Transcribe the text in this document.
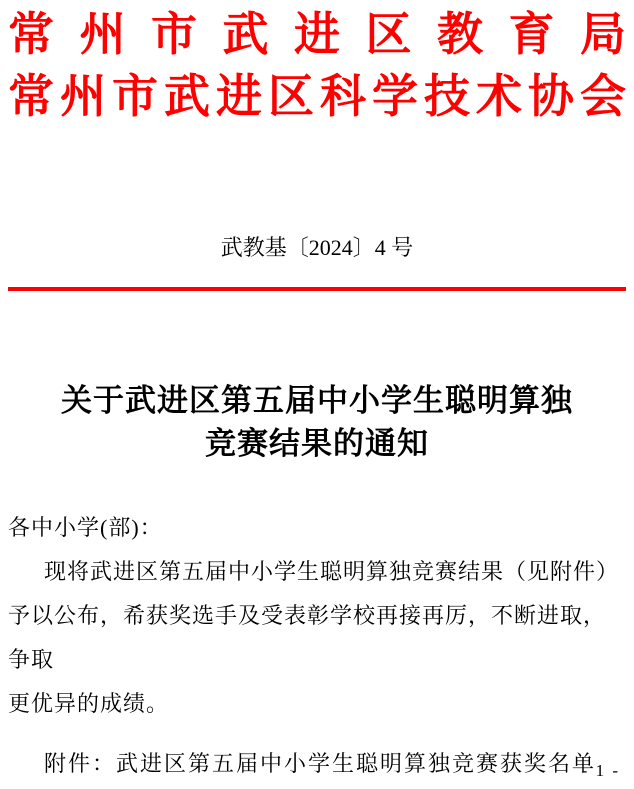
常 州 市 武 进 区 教 育 局
常 州 市 武 进 区 科 学 技 术 协 会
武教基〔2024〕4 号
关于武进区第五届中小学生聪明算独
竞赛结果的通知
各中小学(部)：
现将武进区第五届中小学生聪明算独竞赛结果（见附件）
予以公布，希获奖选手及受表彰学校再接再厉，不断进取，争取
更优异的成绩。
附件：武进区第五届中小学生聪明算独竞赛获奖名单
- 1 -
